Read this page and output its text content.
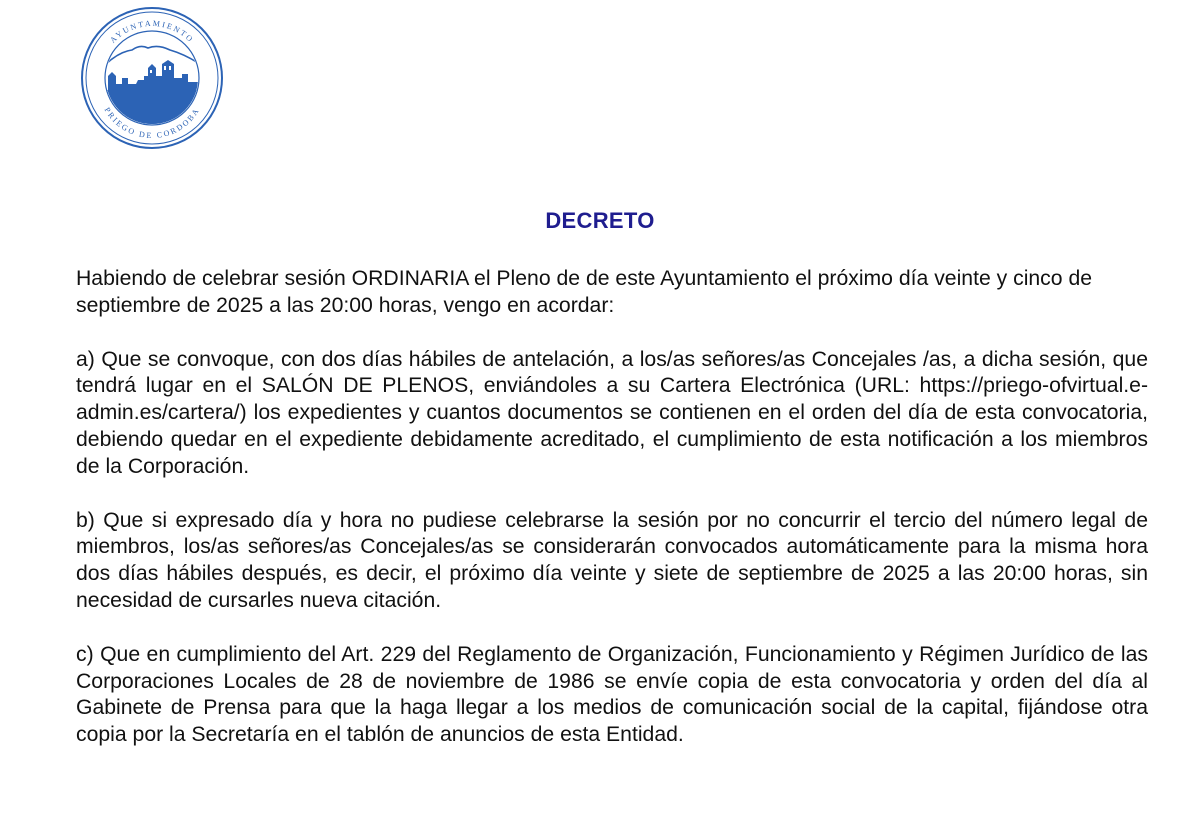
AYUNTAMIENTO
PRIEGO DE CORDOBA
DECRETO

Habiendo de celebrar sesión ORDINARIA el Pleno de de este Ayuntamiento el próximo día veinte y cinco de septiembre de 2025 a las 20:00 horas, vengo en acordar:

a) Que se convoque, con dos días hábiles de antelación, a los/as señores/as Concejales /as, a dicha sesión, que tendrá lugar en el SALÓN DE PLENOS, enviándoles a su Cartera Electrónica (URL: https://priego-ofvirtual.e-admin.es/cartera/) los expedientes y cuantos documentos se contienen en el orden del día de esta convocatoria, debiendo quedar en el expediente debidamente acreditado, el cumplimiento de esta notificación a los miembros de la Corporación.

b) Que si expresado día y hora no pudiese celebrarse la sesión por no concurrir el tercio del número legal de miembros, los/as señores/as Concejales/as se considerarán convocados automáticamente para la misma hora dos días hábiles después, es decir, el próximo día veinte y siete de septiembre de 2025 a las 20:00 horas, sin necesidad de cursarles nueva citación.

c) Que en cumplimiento del Art. 229 del Reglamento de Organización, Funcionamiento y Régimen Jurídico de las Corporaciones Locales de 28 de noviembre de 1986 se envíe copia de esta convocatoria y orden del día al Gabinete de Prensa para que la haga llegar a los medios de comunicación social de la capital, fijándose otra copia por la Secretaría en el tablón de anuncios de esta Entidad.
